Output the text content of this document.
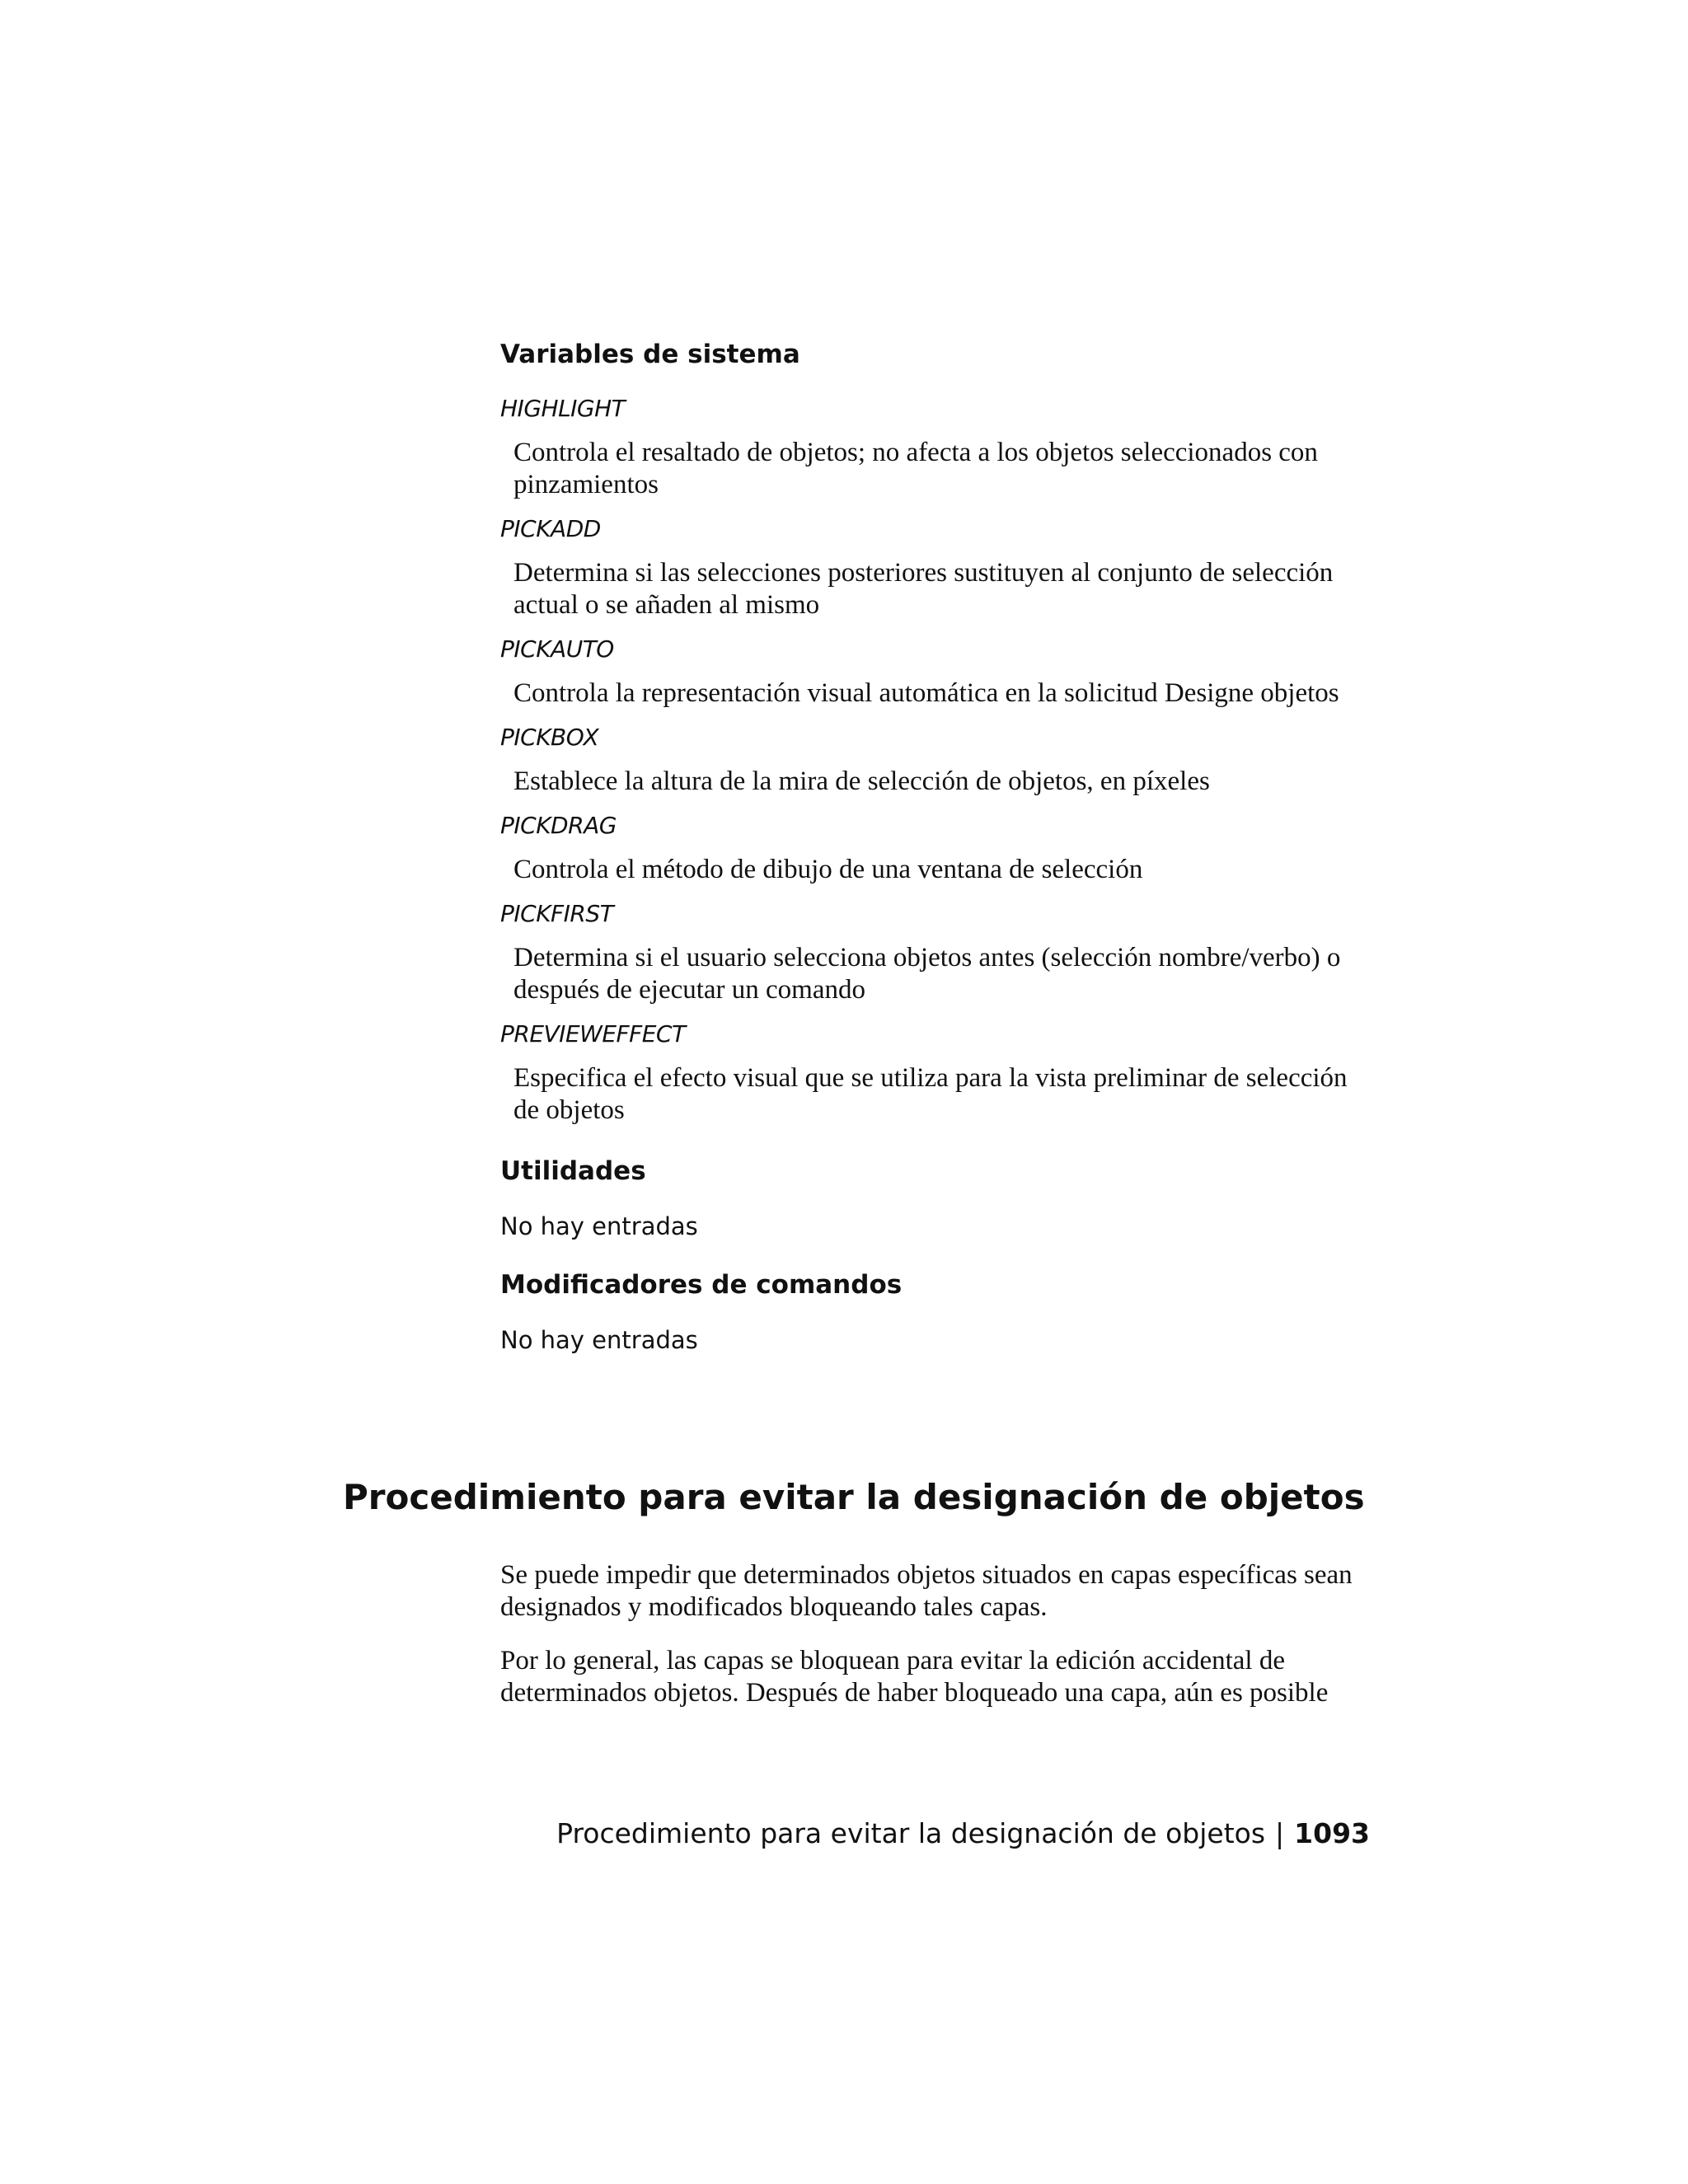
Variables de sistema
HIGHLIGHT
Controla el resaltado de objetos; no afecta a los objetos seleccionados con pinzamientos
PICKADD
Determina si las selecciones posteriores sustituyen al conjunto de selección actual o se añaden al mismo
PICKAUTO
Controla la representación visual automática en la solicitud Designe objetos
PICKBOX
Establece la altura de la mira de selección de objetos, en píxeles
PICKDRAG
Controla el método de dibujo de una ventana de selección
PICKFIRST
Determina si el usuario selecciona objetos antes (selección nombre/verbo) o después de ejecutar un comando
PREVIEWEFFECT
Especifica el efecto visual que se utiliza para la vista preliminar de selección de objetos
Utilidades

No hay entradas

Modificadores de comandos

No hay entradas

Procedimiento para evitar la designación de objetos

Se puede impedir que determinados objetos situados en capas específicas sean designados y modificados bloqueando tales capas.

Por lo general, las capas se bloquean para evitar la edición accidental de determinados objetos. Después de haber bloqueado una capa, aún es posible

Procedimiento para evitar la designación de objetos | 1093
